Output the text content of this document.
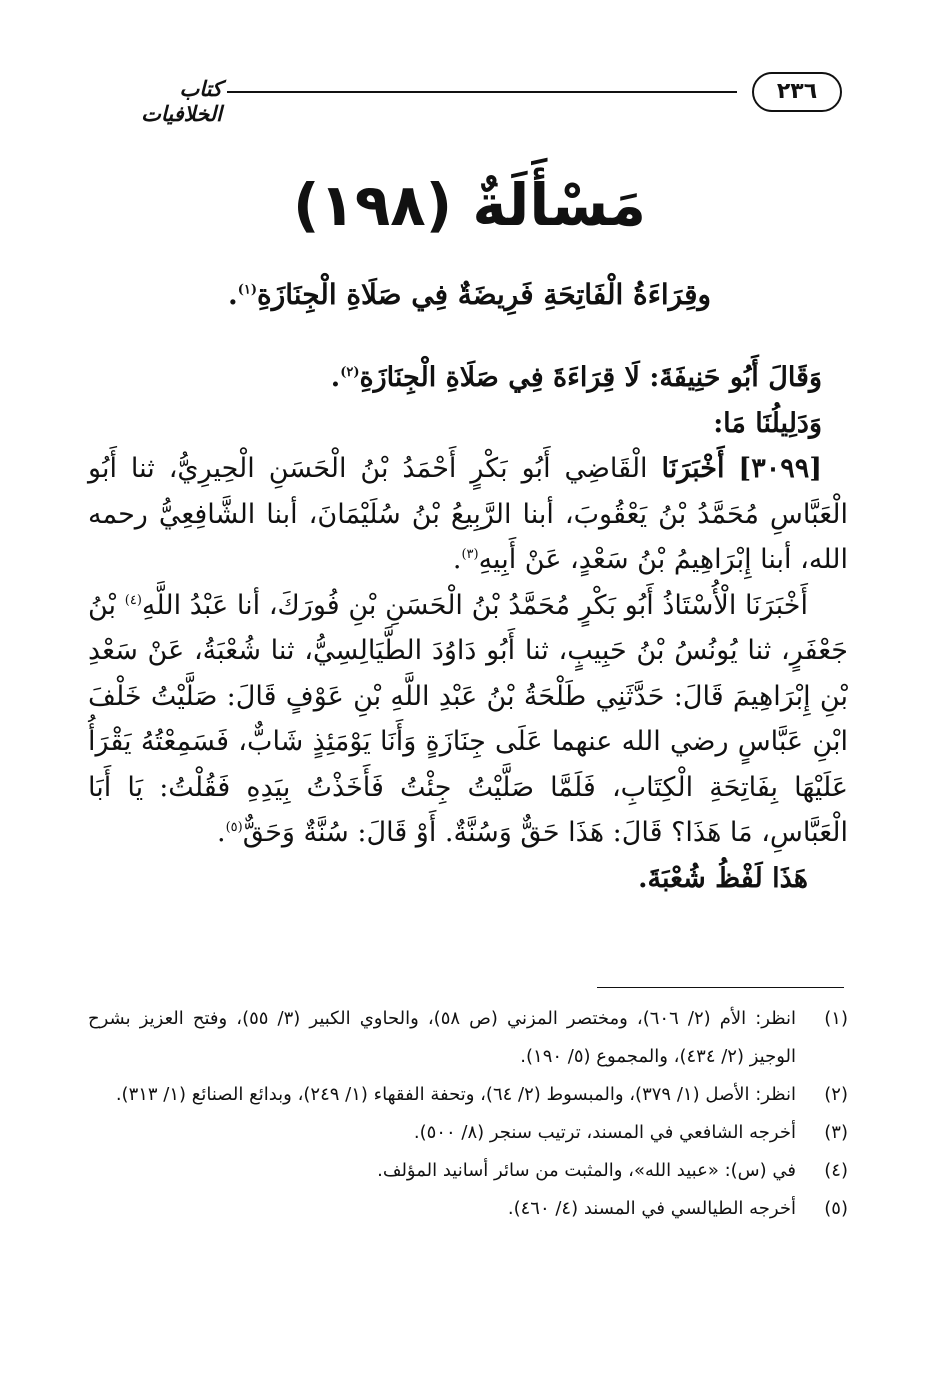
كتاب الخلافيات
٢٣٦
مَسْأَلَةٌ (١٩٨)
وقِرَاءَةُ الْفَاتِحَةِ فَرِيضَةٌ فِي صَلَاةِ الْجِنَازَةِ$^{(١)}$.

وَقَالَ أَبُو حَنِيفَةَ: لَا قِرَاءَةَ فِي صَلَاةِ الْجِنَازَةِ$^{(٢)}$.

وَدَلِيلُنَا مَا:

[٣٠٩٩] أَخْبَرَنَا الْقَاضِي أَبُو بَكْرٍ أَحْمَدُ بْنُ الْحَسَنِ الْحِيرِيُّ، ثنا أَبُو الْعَبَّاسِ مُحَمَّدُ بْنُ يَعْقُوبَ، أبنا الرَّبِيعُ بْنُ سُلَيْمَانَ، أبنا الشَّافِعِيُّ رحمه الله، أبنا إِبْرَاهِيمُ بْنُ سَعْدٍ، عَنْ أَبِيهِ$^{(٣)}$.

أَخْبَرَنَا الْأُسْتَاذُ أَبُو بَكْرٍ مُحَمَّدُ بْنُ الْحَسَنِ بْنِ فُورَكَ، أنا عَبْدُ اللَّهِ$^{(٤)}$ بْنُ جَعْفَرٍ، ثنا يُونُسُ بْنُ حَبِيبٍ، ثنا أَبُو دَاوُدَ الطَّيَالِسِيُّ، ثنا شُعْبَةُ، عَنْ سَعْدِ بْنِ إِبْرَاهِيمَ قَالَ: حَدَّثَنِي طَلْحَةُ بْنُ عَبْدِ اللَّهِ بْنِ عَوْفٍ قَالَ: صَلَّيْتُ خَلْفَ ابْنِ عَبَّاسٍ رضي الله عنهما عَلَى جِنَازَةٍ وَأَنَا يَوْمَئِذٍ شَابٌّ، فَسَمِعْتُهُ يَقْرَأُ عَلَيْهَا بِفَاتِحَةِ الْكِتَابِ، فَلَمَّا صَلَّيْتُ جِئْتُ فَأَخَذْتُ بِيَدِهِ فَقُلْتُ: يَا أَبَا الْعَبَّاسِ، مَا هَذَا؟ قَالَ: هَذَا حَقٌّ وَسُنَّةٌ. أَوْ قَالَ: سُنَّةٌ وَحَقٌّ$^{(٥)}$.

هَذَا لَفْظُ شُعْبَةَ.

(١)
انظر: الأم (٢/ ٦٠٦)، ومختصر المزني (ص ٥٨)، والحاوي الكبير (٣/ ٥٥)، وفتح العزيز بشرح الوجيز (٢/ ٤٣٤)، والمجموع (٥/ ١٩٠).
(٢)
انظر: الأصل (١/ ٣٧٩)، والمبسوط (٢/ ٦٤)، وتحفة الفقهاء (١/ ٢٤٩)، وبدائع الصنائع (١/ ٣١٣).
(٣)
أخرجه الشافعي في المسند، ترتيب سنجر (٨/ ٥٠٠).
(٤)
في (س): «عبيد الله»، والمثبت من سائر أسانيد المؤلف.
(٥)
أخرجه الطيالسي في المسند (٤/ ٤٦٠).
